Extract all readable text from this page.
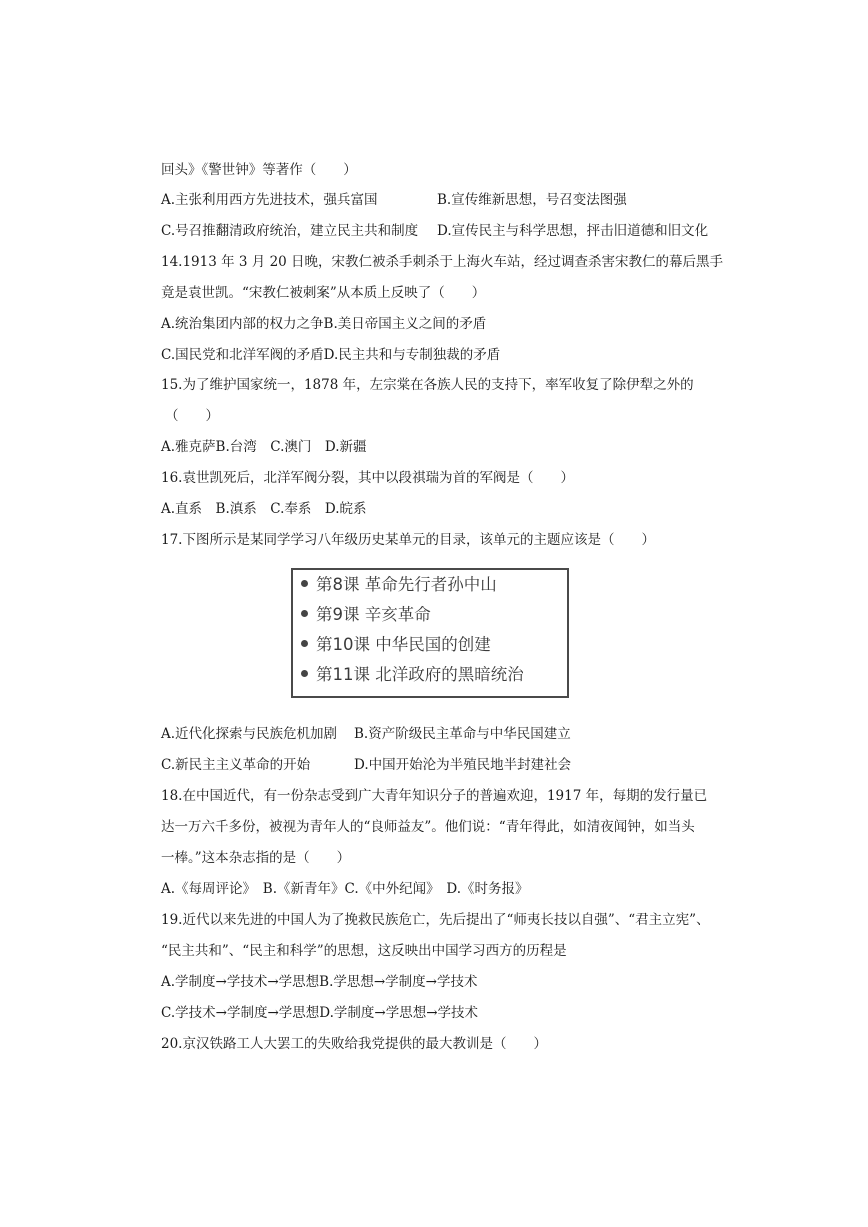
回头》《警世钟》等著作（　　）
A.主张利用西方先进技术，强兵富国	B.宣传维新思想，号召变法图强
C.号召推翻清政府统治，建立民主共和制度 D.宣传民主与科学思想，抨击旧道德和旧文化
14.1913 年 3 月 20 日晚，宋教仁被杀手刺杀于上海火车站，经过调查杀害宋教仁的幕后黑手
竟是袁世凯。“宋教仁被刺案”从本质上反映了（　　）
A.统治集团内部的权力之争B.美日帝国主义之间的矛盾
C.国民党和北洋军阀的矛盾D.民主共和与专制独裁的矛盾
15.为了维护国家统一，1878 年，左宗棠在各族人民的支持下，率军收复了除伊犁之外的
（　　）
A.雅克萨B.台湾　C.澳门　D.新疆
16.袁世凯死后，北洋军阀分裂，其中以段祺瑞为首的军阀是（　　）
A.直系　B.滇系　C.奉系　D.皖系
17.下图所示是某同学学习八年级历史某单元的目录，该单元的主题应该是（　　）
第8课 革命先行者孙中山
第9课 辛亥革命
第10课 中华民国的创建
第11课 北洋政府的黑暗统治
A.近代化探索与民族危机加剧 B.资产阶级民主革命与中华民国建立
C.新民主主义革命的开始	D.中国开始沦为半殖民地半封建社会
18.在中国近代，有一份杂志受到广大青年知识分子的普遍欢迎，1917 年，每期的发行量已
达一万六千多份，被视为青年人的“良师益友”。他们说：“青年得此，如清夜闻钟，如当头
一棒。”这本杂志指的是（　　）
A.《每周评论》　B.《新青年》C.《中外纪闻》　D.《时务报》
19.近代以来先进的中国人为了挽救民族危亡，先后提出了“师夷长技以自强”、“君主立宪”、
“民主共和”、“民主和科学”的思想，这反映出中国学习西方的历程是
A.学制度→学技术→学思想B.学思想→学制度→学技术
C.学技术→学制度→学思想D.学制度→学思想→学技术
20.京汉铁路工人大罢工的失败给我党提供的最大教训是（　　）
